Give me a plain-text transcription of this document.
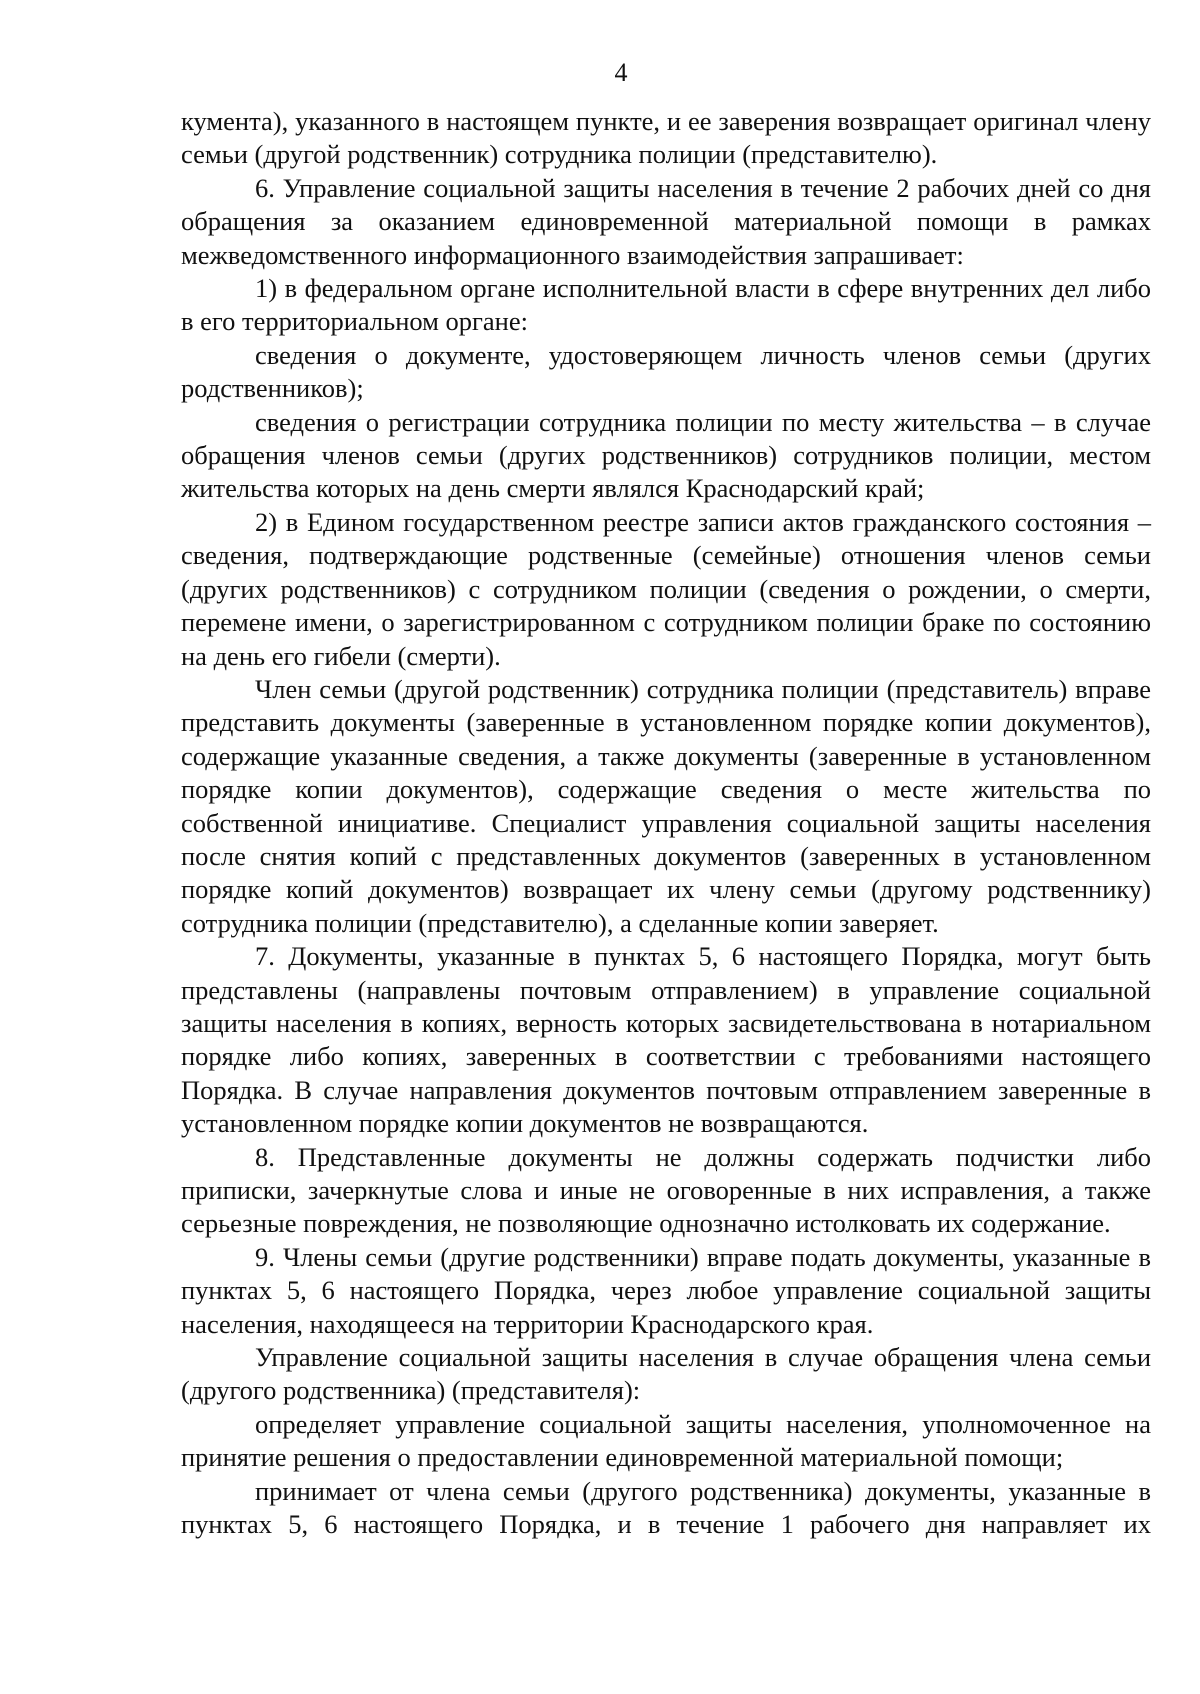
4

кумента), указанного в настоящем пункте, и ее заверения возвращает оригинал члену семьи (другой родственник) сотрудника полиции (представителю).

6. Управление социальной защиты населения в течение 2 рабочих дней со дня обращения за оказанием единовременной материальной помощи в рамках межведомственного информационного взаимодействия запрашивает:

1) в федеральном органе исполнительной власти в сфере внутренних дел либо в его территориальном органе:

сведения о документе, удостоверяющем личность членов семьи (других родственников);

сведения о регистрации сотрудника полиции по месту жительства – в случае обращения членов семьи (других родственников) сотрудников полиции, местом жительства которых на день смерти являлся Краснодарский край;

2) в Едином государственном реестре записи актов гражданского состояния – сведения, подтверждающие родственные (семейные) отношения членов семьи (других родственников) с сотрудником полиции (сведения о рождении, о смерти, перемене имени, о зарегистрированном с сотрудником полиции браке по состоянию на день его гибели (смерти).

Член семьи (другой родственник) сотрудника полиции (представитель) вправе представить документы (заверенные в установленном порядке копии документов), содержащие указанные сведения, а также документы (заверенные в установленном порядке копии документов), содержащие сведения о месте жительства по собственной инициативе. Специалист управления социальной защиты населения после снятия копий с представленных документов (заверенных в установленном порядке копий документов) возвращает их члену семьи (другому родственнику) сотрудника полиции (представителю), а сделанные копии заверяет.

7. Документы, указанные в пунктах 5, 6 настоящего Порядка, могут быть представлены (направлены почтовым отправлением) в управление социальной защиты населения в копиях, верность которых засвидетельствована в нотариальном порядке либо копиях, заверенных в соответствии с требованиями настоящего Порядка. В случае направления документов почтовым отправлением заверенные в установленном порядке копии документов не возвращаются.

8. Представленные документы не должны содержать подчистки либо приписки, зачеркнутые слова и иные не оговоренные в них исправления, а также серьезные повреждения, не позволяющие однозначно истолковать их содержание.

9. Члены семьи (другие родственники) вправе подать документы, указанные в пунктах 5, 6 настоящего Порядка, через любое управление социальной защиты населения, находящееся на территории Краснодарского края.

Управление социальной защиты населения в случае обращения члена семьи (другого родственника) (представителя):

определяет управление социальной защиты населения, уполномоченное на принятие решения о предоставлении единовременной материальной помощи;

принимает от члена семьи (другого родственника) документы, указанные в пунктах 5, 6 настоящего Порядка, и в течение 1 рабочего дня направляет их
